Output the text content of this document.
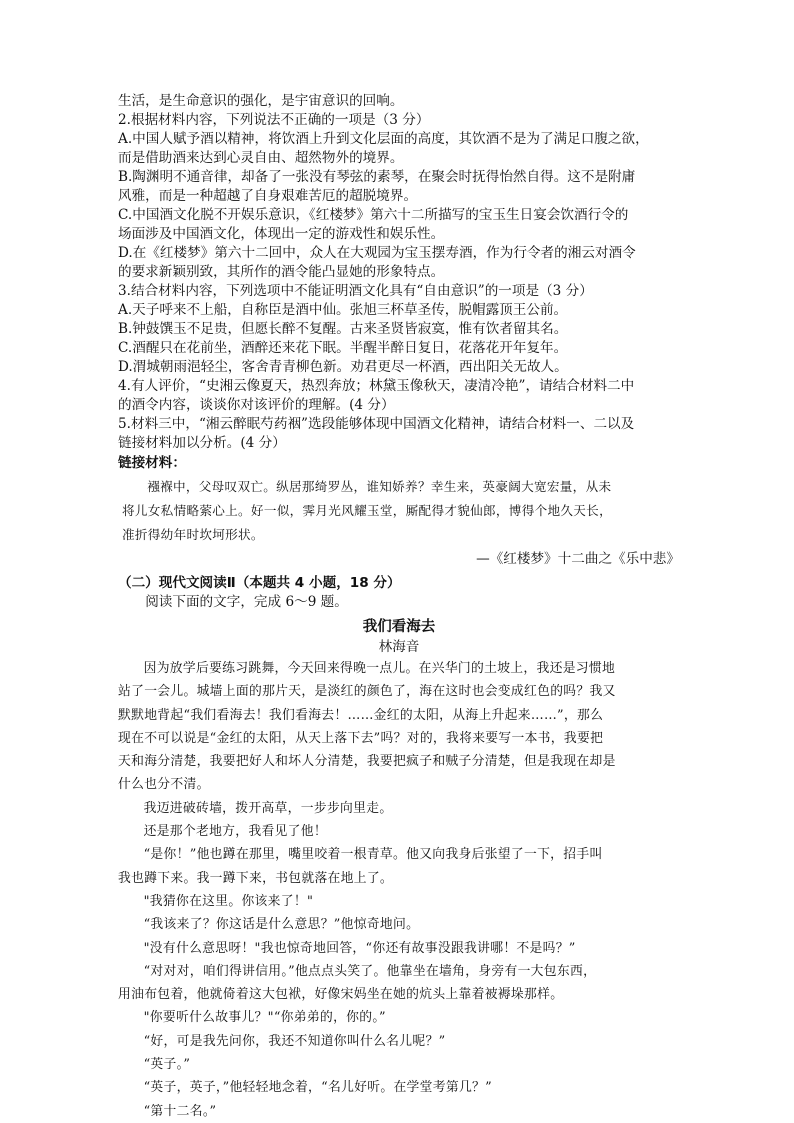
生活，是生命意识的强化，是宇宙意识的回响。

2.根据材料内容，下列说法不正确的一项是（3 分）

A.中国人赋予酒以精神，将饮酒上升到文化层面的高度，其饮酒不是为了满足口腹之欲，

而是借助酒来达到心灵自由、超然物外的境界。

B.陶渊明不通音律，却备了一张没有琴弦的素琴，在聚会时抚得怡然自得。这不是附庸

风雅，而是一种超越了自身艰难苦厄的超脱境界。

C.中国酒文化脱不开娱乐意识，《红楼梦》第六十二所描写的宝玉生日宴会饮酒行令的

场面涉及中国酒文化，体现出一定的游戏性和娱乐性。

D.在《红楼梦》第六十二回中，众人在大观园为宝玉摆寿酒，作为行令者的湘云对酒令

的要求新颖别致，其所作的酒令能凸显她的形象特点。

3.结合材料内容，下列选项中不能证明酒文化具有“自由意识”的一项是（3 分）

A.天子呼来不上船，自称臣是酒中仙。张旭三杯草圣传，脱帽露顶王公前。

B.钟鼓馔玉不足贵，但愿长醉不复醒。古来圣贤皆寂寞，惟有饮者留其名。

C.酒醒只在花前坐，酒醉还来花下眠。半醒半醉日复日，花落花开年复年。

D.渭城朝雨浥轻尘，客舍青青柳色新。劝君更尽一杯酒，西出阳关无故人。

4.有人评价，“史湘云像夏天，热烈奔放；林黛玉像秋天，凄清冷艳”，请结合材料二中

的酒令内容，谈谈你对该评价的理解。(4 分）

5.材料三中，“湘云醉眠芍药裀”选段能够体现中国酒文化精神，请结合材料一、二以及

链接材料加以分析。(4 分）

链接材料：

襁褓中，父母叹双亡。纵居那绮罗丛，谁知娇养？幸生来，英豪阔大宽宏量，从未

将儿女私情略萦心上。好一似，霁月光风耀玉堂，厮配得才貌仙郎，博得个地久天长，

准折得幼年时坎坷形状。

—《红楼梦》十二曲之《乐中悲》

（二）现代文阅读Ⅱ（本题共 4 小题，18 分）

阅读下面的文字，完成 6～9 题。

我们看海去

林海音

因为放学后要练习跳舞，今天回来得晚一点儿。在兴华门的土坡上，我还是习惯地

站了一会儿。城墙上面的那片天，是淡红的颜色了，海在这时也会变成红色的吗？我又

默默地背起“我们看海去！我们看海去！……金红的太阳，从海上升起来……”，那么

现在不可以说是“金红的太阳，从天上落下去”吗？对的，我将来要写一本书，我要把

天和海分清楚，我要把好人和坏人分清楚，我要把疯子和贼子分清楚，但是我现在却是

什么也分不清。

我迈进破砖墙，拨开高草，一步步向里走。

还是那个老地方，我看见了他！

“是你！”他也蹲在那里，嘴里咬着一根青草。他又向我身后张望了一下，招手叫

我也蹲下来。我一蹲下来，书包就落在地上了。

"我猜你在这里。你该来了！"

“我该来了？你这话是什么意思？”他惊奇地问。

"没有什么意思呀！"我也惊奇地回答，“你还有故事没跟我讲哪！不是吗？”

“对对对，咱们得讲信用。”他点点头笑了。他靠坐在墙角，身旁有一大包东西，

用油布包着，他就倚着这大包袱，好像宋妈坐在她的炕头上靠着被褥垛那样。

"你要听什么故事儿？"“你弟弟的，你的。”

“好，可是我先问你，我还不知道你叫什么名儿呢？”

“英子。”

“英子，英子，”他轻轻地念着，“名儿好听。在学堂考第几？”

“第十二名。”
